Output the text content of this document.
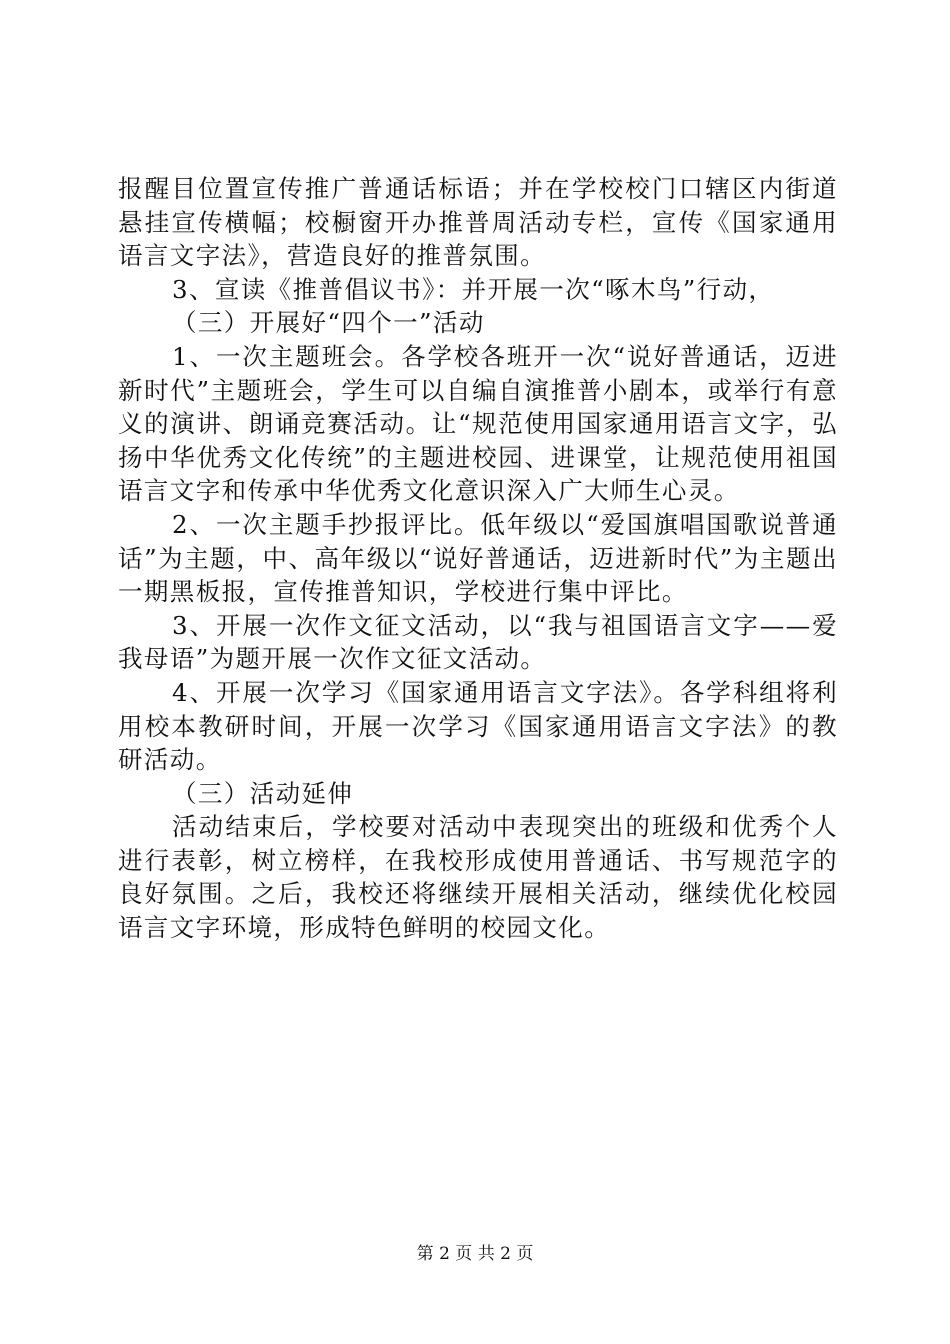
报醒目位置宣传推广普通话标语；并在学校校门口辖区内街道悬挂宣传横幅；校橱窗开办推普周活动专栏，宣传《国家通用语言文字法》，营造良好的推普氛围。

3、宣读《推普倡议书》：并开展一次“啄木鸟”行动，

（三）开展好“四个一”活动

1、一次主题班会。各学校各班开一次“说好普通话，迈进新时代”主题班会，学生可以自编自演推普小剧本，或举行有意义的演讲、朗诵竞赛活动。让“规范使用国家通用语言文字，弘扬中华优秀文化传统”的主题进校园、进课堂，让规范使用祖国语言文字和传承中华优秀文化意识深入广大师生心灵。

2、一次主题手抄报评比。低年级以“爱国旗唱国歌说普通话”为主题，中、高年级以“说好普通话，迈进新时代”为主题出一期黑板报，宣传推普知识，学校进行集中评比。

3、开展一次作文征文活动，以“我与祖国语言文字——爱我母语”为题开展一次作文征文活动。

4、开展一次学习《国家通用语言文字法》。各学科组将利用校本教研时间，开展一次学习《国家通用语言文字法》的教研活动。

（三）活动延伸

活动结束后，学校要对活动中表现突出的班级和优秀个人进行表彰，树立榜样，在我校形成使用普通话、书写规范字的良好氛围。之后，我校还将继续开展相关活动，继续优化校园语言文字环境，形成特色鲜明的校园文化。

第 2 页 共 2 页
